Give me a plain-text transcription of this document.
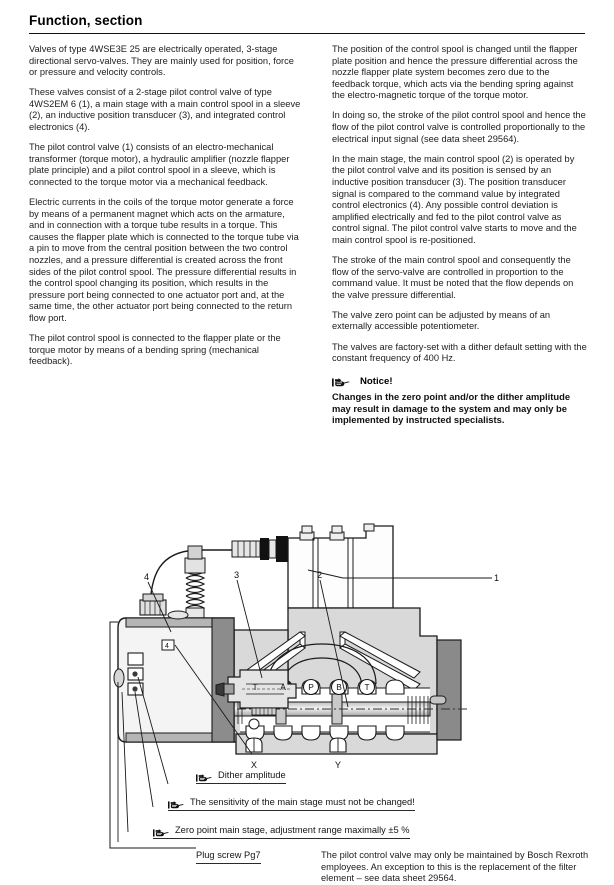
Function, section

Valves of type 4WSE3E 25 are electrically operated, 3-stage directional servo-valves. They are mainly used for position, force or pressure and velocity controls.

These valves consist of a 2-stage pilot control valve of type 4WS2EM 6 (1), a main stage with a main control spool in a sleeve (2), an inductive position transducer (3), and integrated control electronics (4).

The pilot control valve (1) consists of an electro-mechanical transformer (torque motor), a hydraulic amplifier (nozzle flapper plate principle) and a pilot control spool in a sleeve, which is connected to the torque motor via a mechanical feedback.

Electric currents in the coils of the torque motor generate a force by means of a permanent magnet which acts on the armature, and in connection with a torque tube results in a torque. This causes the flapper plate which is connected to the torque tube via a pin to move from the central position between the two control nozzles, and a pressure differential is created across the front sides of the pilot control spool. The pressure differential results in the control spool changing its position, which results in the pressure port being connected to one actuator port and, at the same time, the other actuator port being connected to the return flow port.

The pilot control spool is connected to the flapper plate or the torque motor by means of a bending spring (mechanical feedback).

The position of the control spool is changed until the flapper plate position and hence the pressure differential across the nozzle flapper plate system becomes zero due to the feedback torque, which acts via the bending spring against the electro-magnetic torque of the torque motor.

In doing so, the stroke of the pilot control spool and hence the flow of the pilot control valve is controlled proportionally to the electrical input signal (see data sheet 29564).

In the main stage, the main control spool (2) is operated by the pilot control valve and its position is sensed by an inductive position transducer (3). The position transducer signal is compared to the command value by integrated control electronics (4). Any possible control deviation is amplified electrically and fed to the pilot control valve as control signal. The pilot control valve starts to move and the main control spool is re-positioned.

The stroke of the main control spool and consequently the flow of the servo-valve are controlled in proportion to the command value. It must be noted that the flow depends on the valve pressure differential.

The valve zero point can be adjusted by means of an externally accessible potentiometer.

The valves are factory-set with a dither default setting with the constant frequency of 400 Hz.

Notice!

Changes in the zero point and/or the dither amplitude may result in damage to the system and may only be implemented by instructed specialists.

4
4	3	2	1
T	A	P	B	T
X	Y
Dither amplitude
The sensitivity of the main stage must not be changed!
Zero point main stage, adjustment range maximally ±5 %
Plug screw Pg7	The pilot control valve may only be maintained by Bosch Rexroth employees. An exception to this is the replacement of the filter element – see data sheet 29564.
